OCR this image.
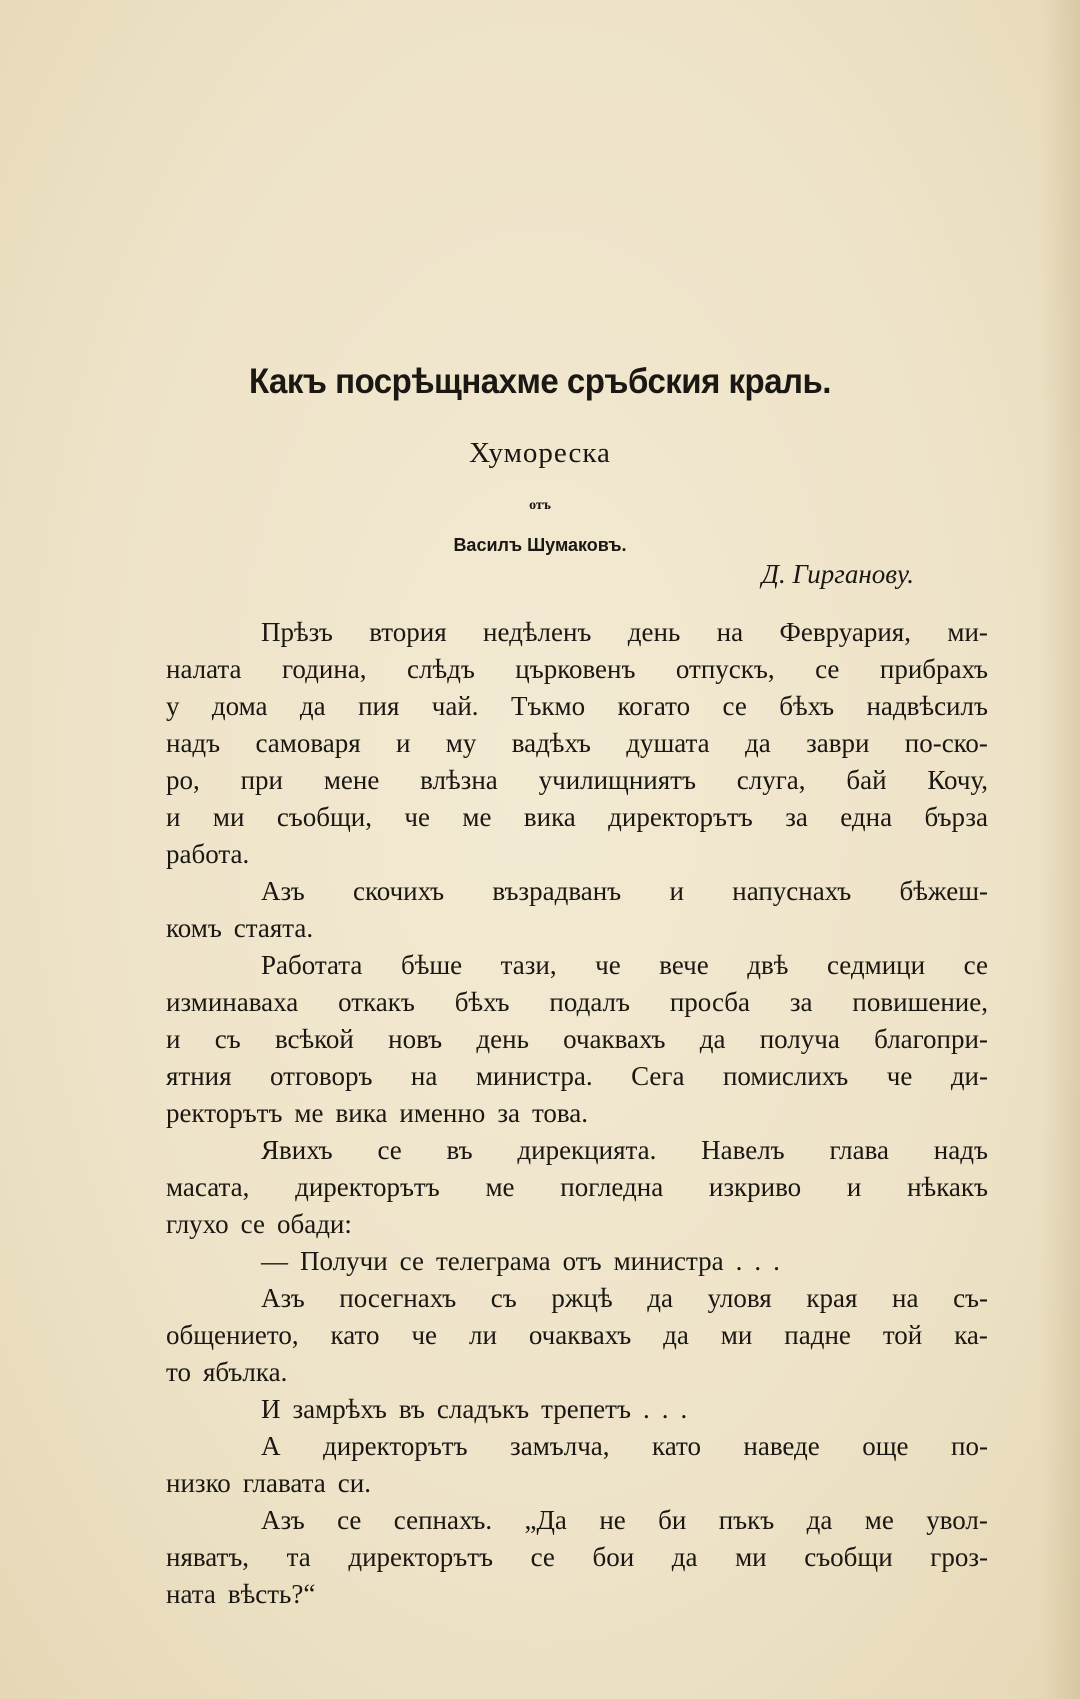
Какъ посрѣщнахме сръбския краль.
Хумореска
отъ
Василъ Шумаковъ.
Д. Гирганову.
Прѣзъ втория недѣленъ день на Февруария, ми-
налата година, слѣдъ църковенъ отпускъ, се прибрахъ
у дома да пия чай. Тъкмо когато се бѣхъ надвѣсилъ
надъ самоваря и му вадѣхъ душата да заври по-ско-
ро, при мене влѣзна училищниятъ слуга, бай Кочу,
и ми съобщи, че ме вика директорътъ за една бърза
работа.
Азъ скочихъ възрадванъ и напуснахъ бѣжеш-
комъ стаята.
Работата бѣше тази, че вече двѣ седмици се
изминаваха откакъ бѣхъ подалъ просба за повишение,
и съ всѣкой новъ день очаквахъ да получа благопри-
ятния отговоръ на министра. Сега помислихъ че ди-
ректорътъ ме вика именно за това.
Явихъ се въ дирекцията. Навелъ глава надъ
масата, директорътъ ме погледна изкриво и нѣкакъ
глухо се обади:
— Получи се телеграма отъ министра . . .
Азъ посегнахъ съ ржцѣ да уловя края на съ-
общението, като че ли очаквахъ да ми падне той ка-
то ябълка.
И замрѣхъ въ сладъкъ трепетъ . . .
А директорътъ замълча, като наведе още по-
низко главата си.
Азъ се сепнахъ. „Да не би пъкъ да ме увол-
няватъ, та директорътъ се бои да ми съобщи гроз-
ната вѣсть?“
